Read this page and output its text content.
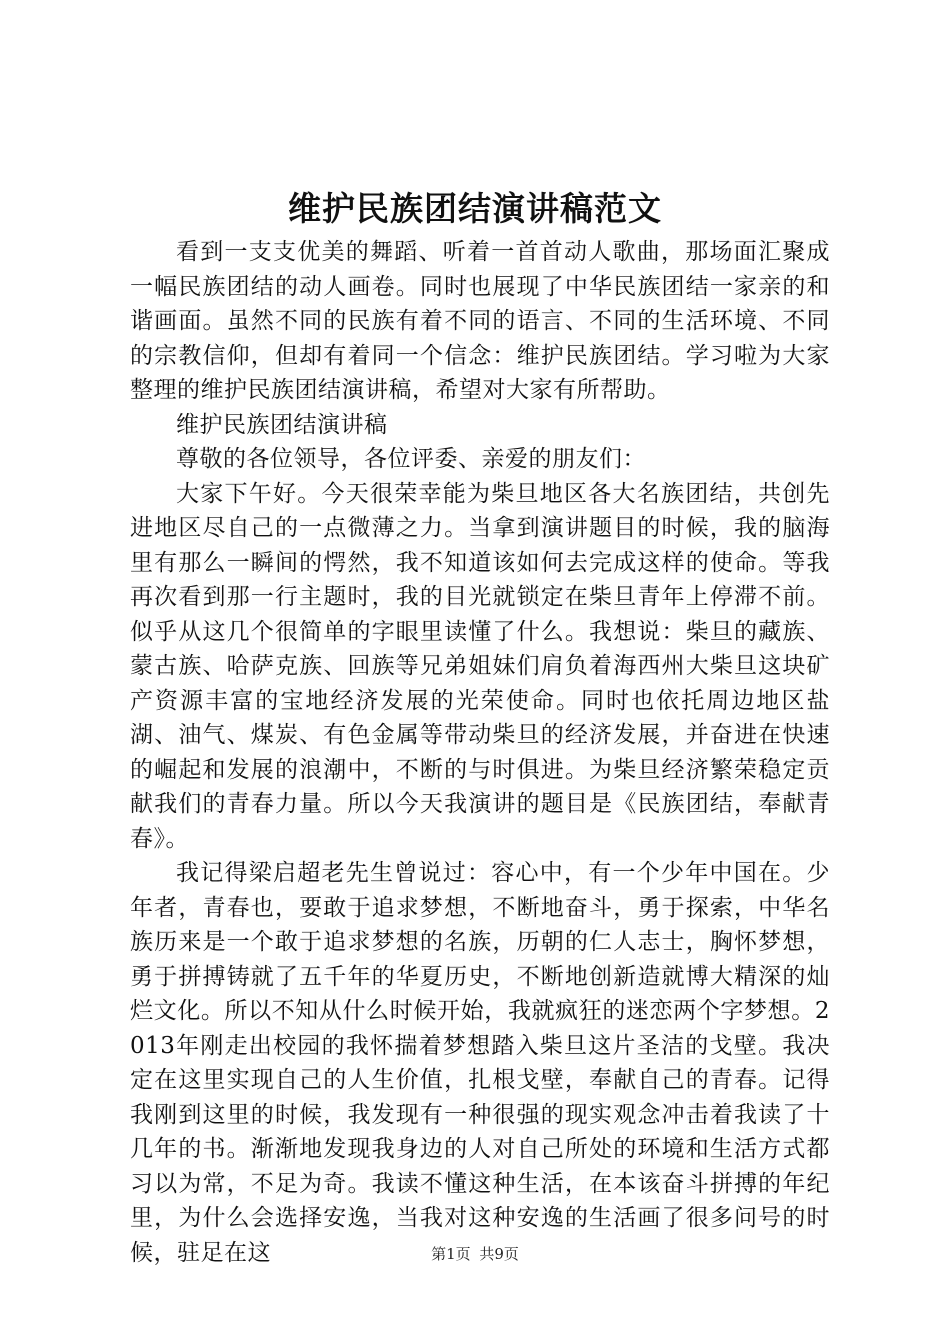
维护民族团结演讲稿范文

看到一支支优美的舞蹈、听着一首首动人歌曲，那场面汇聚成一幅民族团结的动人画卷。同时也展现了中华民族团结一家亲的和谐画面。虽然不同的民族有着不同的语言、不同的生活环境、不同的宗教信仰，但却有着同一个信念：维护民族团结。学习啦为大家整理的维护民族团结演讲稿，希望对大家有所帮助。

维护民族团结演讲稿

尊敬的各位领导，各位评委、亲爱的朋友们：

大家下午好。今天很荣幸能为柴旦地区各大名族团结，共创先进地区尽自己的一点微薄之力。当拿到演讲题目的时候，我的脑海里有那么一瞬间的愕然，我不知道该如何去完成这样的使命。等我再次看到那一行主题时，我的目光就锁定在柴旦青年上停滞不前。似乎从这几个很简单的字眼里读懂了什么。我想说：柴旦的藏族、蒙古族、哈萨克族、回族等兄弟姐妹们肩负着海西州大柴旦这块矿产资源丰富的宝地经济发展的光荣使命。同时也依托周边地区盐湖、油气、煤炭、有色金属等带动柴旦的经济发展，并奋进在快速的崛起和发展的浪潮中，不断的与时俱进。为柴旦经济繁荣稳定贡献我们的青春力量。所以今天我演讲的题目是《民族团结，奉献青春》。

我记得梁启超老先生曾说过：容心中，有一个少年中国在。少年者，青春也，要敢于追求梦想，不断地奋斗，勇于探索，中华名族历来是一个敢于追求梦想的名族，历朝的仁人志士，胸怀梦想，勇于拼搏铸就了五千年的华夏历史，不断地创新造就博大精深的灿烂文化。所以不知从什么时候开始，我就疯狂的迷恋两个字梦想。2013年刚走出校园的我怀揣着梦想踏入柴旦这片圣洁的戈壁。我决定在这里实现自己的人生价值，扎根戈壁，奉献自己的青春。记得我刚到这里的时候，我发现有一种很强的现实观念冲击着我读了十几年的书。渐渐地发现我身边的人对自己所处的环境和生活方式都习以为常，不足为奇。我读不懂这种生活，在本该奋斗拼搏的年纪里，为什么会选择安逸，当我对这种安逸的生活画了很多问号的时候，驻足在这	第1页 共9页
